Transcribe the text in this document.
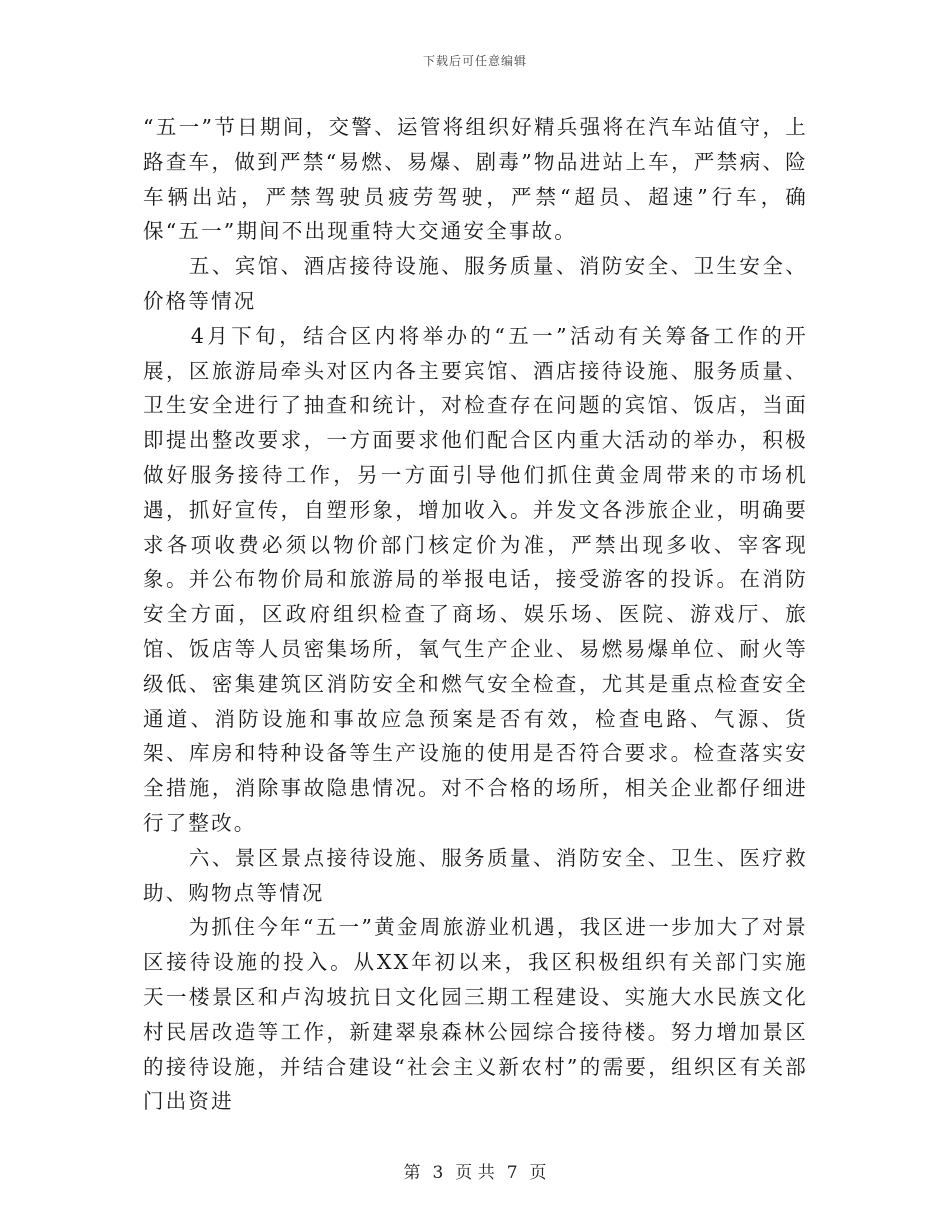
下载后可任意编辑

“五一”节日期间，交警、运管将组织好精兵强将在汽车站值守，上路查车，做到严禁“易燃、易爆、剧毒”物品进站上车，严禁病、险车辆出站，严禁驾驶员疲劳驾驶，严禁“超员、超速”行车，确保“五一”期间不出现重特大交通安全事故。

　　五、宾馆、酒店接待设施、服务质量、消防安全、卫生安全、价格等情况

　　4月下旬，结合区内将举办的“五一”活动有关筹备工作的开展，区旅游局牵头对区内各主要宾馆、酒店接待设施、服务质量、卫生安全进行了抽查和统计，对检查存在问题的宾馆、饭店，当面即提出整改要求，一方面要求他们配合区内重大活动的举办，积极做好服务接待工作，另一方面引导他们抓住黄金周带来的市场机遇，抓好宣传，自塑形象，增加收入。并发文各涉旅企业，明确要求各项收费必须以物价部门核定价为准，严禁出现多收、宰客现象。并公布物价局和旅游局的举报电话，接受游客的投诉。在消防安全方面，区政府组织检查了商场、娱乐场、医院、游戏厅、旅馆、饭店等人员密集场所，氧气生产企业、易燃易爆单位、耐火等级低、密集建筑区消防安全和燃气安全检查，尤其是重点检查安全通道、消防设施和事故应急预案是否有效，检查电路、气源、货架、库房和特种设备等生产设施的使用是否符合要求。检查落实安全措施，消除事故隐患情况。对不合格的场所，相关企业都仔细进行了整改。

　　六、景区景点接待设施、服务质量、消防安全、卫生、医疗救助、购物点等情况

　　为抓住今年“五一”黄金周旅游业机遇，我区进一步加大了对景区接待设施的投入。从XX年初以来，我区积极组织有关部门实施天一楼景区和卢沟坡抗日文化园三期工程建设、实施大水民族文化村民居改造等工作，新建翠泉森林公园综合接待楼。努力增加景区的接待设施，并结合建设“社会主义新农村”的需要，组织区有关部门出资进

第 3 页 共 7 页
